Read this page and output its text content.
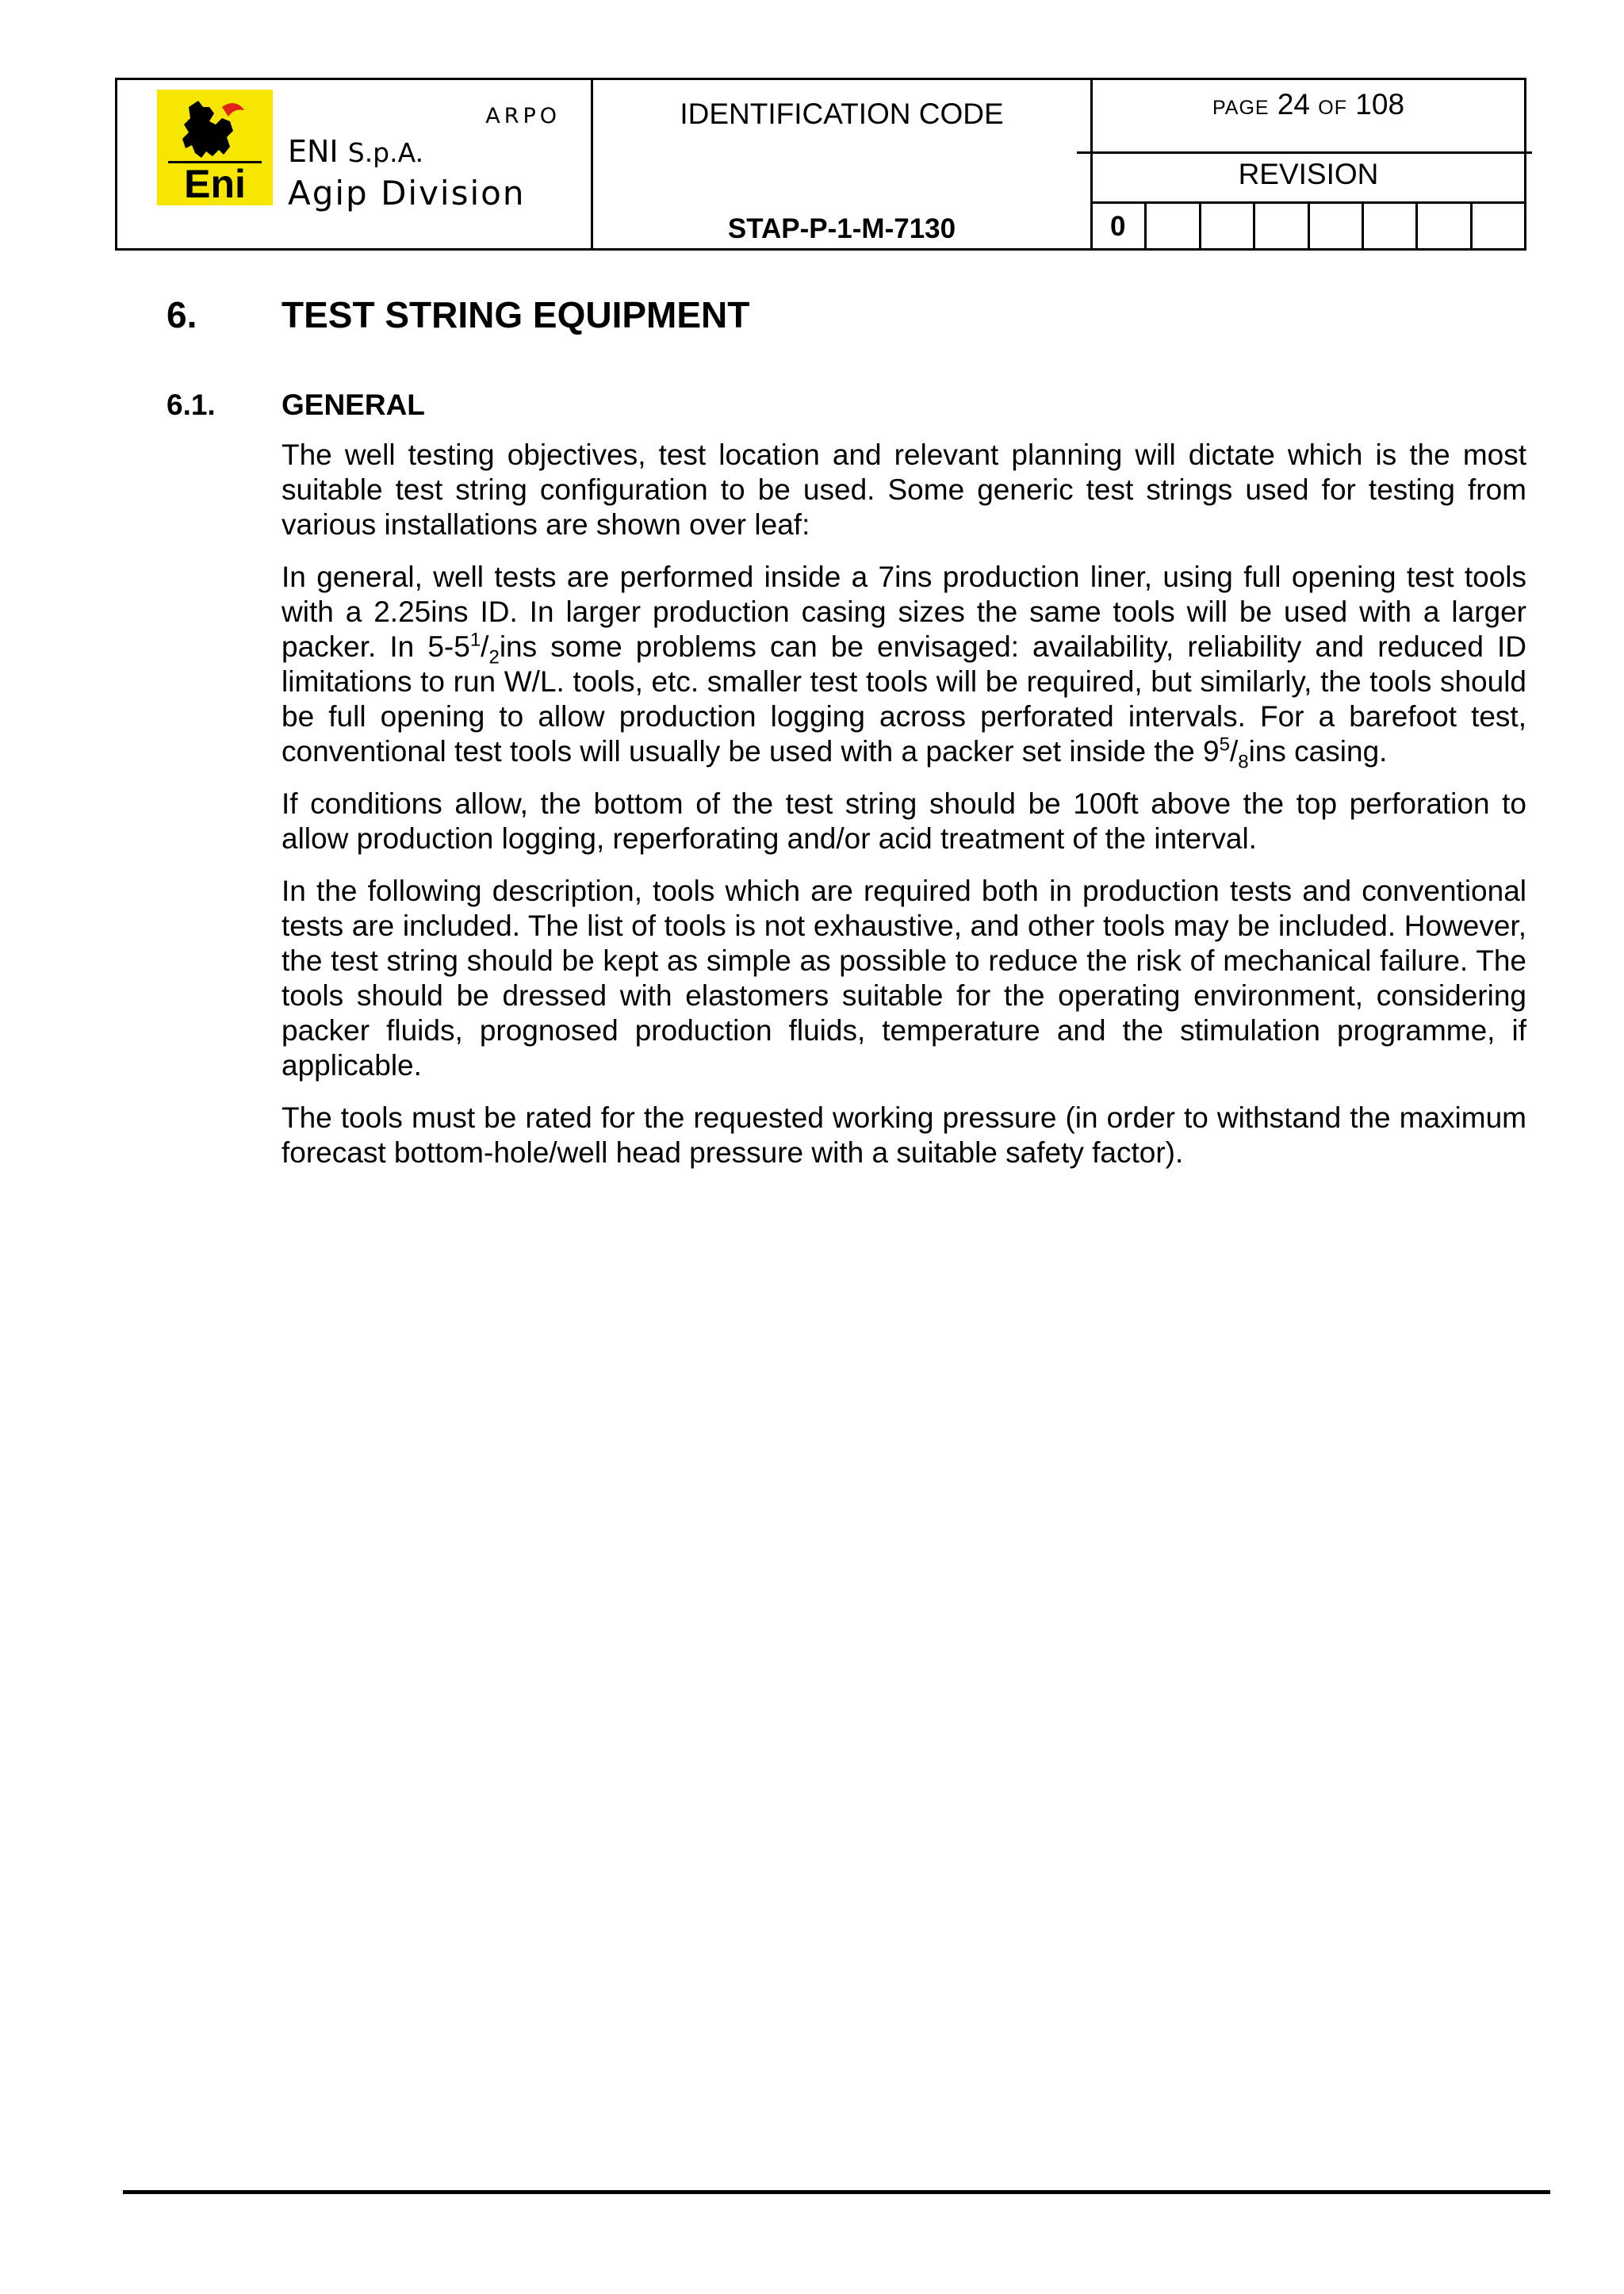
Eni
ARPO
ENI S.p.A.
Agip Division
IDENTIFICATION CODE
STAP-P-1-M-7130
PAGE 24 OF 108
REVISION
0
6. TEST STRING EQUIPMENT
6.1. GENERAL

The well testing objectives, test location and relevant planning will dictate which is the most suitable test string configuration to be used. Some generic test strings used for testing from various installations are shown over leaf:

In general, well tests are performed inside a 7ins production liner, using full opening test tools with a 2.25ins ID. In larger production casing sizes the same tools will be used with a larger packer. In $5-5^1/_2ins$ some problems can be envisaged: availability, reliability and reduced ID limitations to run W/L. tools, etc. smaller test tools will be required, but similarly, the tools should be full opening to allow production logging across perforated intervals. For a barefoot test, conventional test tools will usually be used with a packer set inside the $9^5/_8ins$ casing.

If conditions allow, the bottom of the test string should be 100ft above the top perforation to allow production logging, reperforating and/or acid treatment of the interval.

In the following description, tools which are required both in production tests and conventional tests are included. The list of tools is not exhaustive, and other tools may be included. However, the test string should be kept as simple as possible to reduce the risk of mechanical failure. The tools should be dressed with elastomers suitable for the operating environment, considering packer fluids, prognosed production fluids, temperature and the stimulation programme, if applicable.

The tools must be rated for the requested working pressure (in order to withstand the maximum forecast bottom-hole/well head pressure with a suitable safety factor).
